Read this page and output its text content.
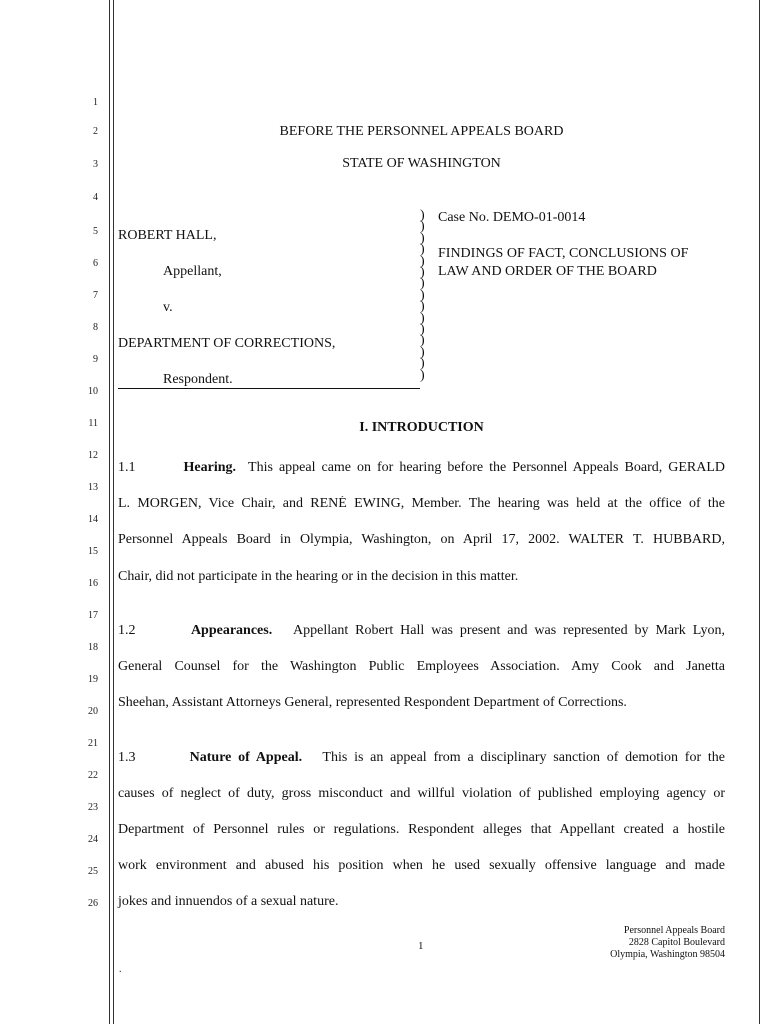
1
2
3
4
5
6
7
8
9
10
11
12
13
14
15
16
17
18
19
20
21
22
23
24
25
26
BEFORE THE PERSONNEL APPEALS BOARD
STATE OF WASHINGTON
ROBERT HALL,
Appellant,
v.
DEPARTMENT OF CORRECTIONS,
Respondent.
)
)
)
)
)
)
)
)
)
)
)
)
)
)
)
Case No. DEMO-01-0014
FINDINGS OF FACT, CONCLUSIONS OF
LAW AND ORDER OF THE BOARD
I. INTRODUCTION
1.1	Hearing. This appeal came on for hearing before the Personnel Appeals Board, GERALD
L. MORGEN, Vice Chair, and RENÉ EWING, Member. The hearing was held at the office of the
Personnel Appeals Board in Olympia, Washington, on April 17, 2002. WALTER T. HUBBARD,
Chair, did not participate in the hearing or in the decision in this matter.
1.2	Appearances. Appellant Robert Hall was present and was represented by Mark Lyon,
General Counsel for the Washington Public Employees Association. Amy Cook and Janetta
Sheehan, Assistant Attorneys General, represented Respondent Department of Corrections.
1.3	Nature of Appeal. This is an appeal from a disciplinary sanction of demotion for the
causes of neglect of duty, gross misconduct and willful violation of published employing agency or
Department of Personnel rules or regulations. Respondent alleges that Appellant created a hostile
work environment and abused his position when he used sexually offensive language and made
jokes and innuendos of a sexual nature.
1
Personnel Appeals Board
2828 Capitol Boulevard
Olympia, Washington 98504
.
